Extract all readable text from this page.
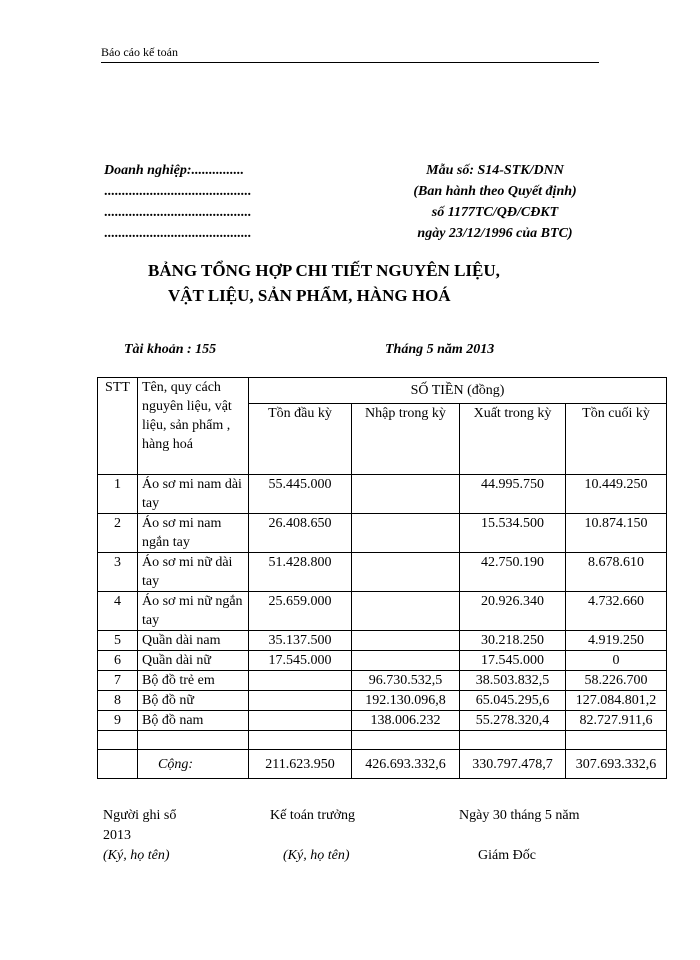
Báo cáo kế toán
Doanh nghiệp:...............
..........................................
..........................................
..........................................
Mẫu số: S14-STK/DNN
(Ban hành theo Quyết định)
số 1177TC/QĐ/CĐKT
ngày 23/12/1996 của BTC)
BẢNG TỔNG HỢP CHI TIẾT NGUYÊN LIỆU,
VẬT LIỆU, SẢN PHẨM, HÀNG HOÁ
Tài khoản : 155	Tháng 5 năm 2013
STT	Tên, quy cách nguyên liệu, vật liệu, sản phẩm , hàng hoá	SỐ TIỀN (đồng)			
		Tồn đầu kỳ	Nhập trong kỳ	Xuất trong kỳ	Tồn cuối kỳ
1	Áo sơ mi nam dài tay	55.445.000		44.995.750	10.449.250
2	Áo sơ mi nam ngắn tay	26.408.650		15.534.500	10.874.150
3	Áo sơ mi nữ dài tay	51.428.800		42.750.190	8.678.610
4	Áo sơ mi nữ ngắn tay	25.659.000		20.926.340	4.732.660
5	Quần dài nam	35.137.500		30.218.250	4.919.250
6	Quần dài nữ	17.545.000		17.545.000	0
7	Bộ đồ trẻ em		96.730.532,5	38.503.832,5	58.226.700
8	Bộ đồ nữ		192.130.096,8	65.045.295,6	127.084.801,2
9	Bộ đồ nam		138.006.232	55.278.320,4	82.727.911,6

	Cộng:	211.623.950	426.693.332,6	330.797.478,7	307.693.332,6
Người ghi sổ
2013
(Ký, họ tên)
Kế toán trưởng
(Ký, họ tên)
Ngày 30 tháng 5 năm
Giám Đốc
